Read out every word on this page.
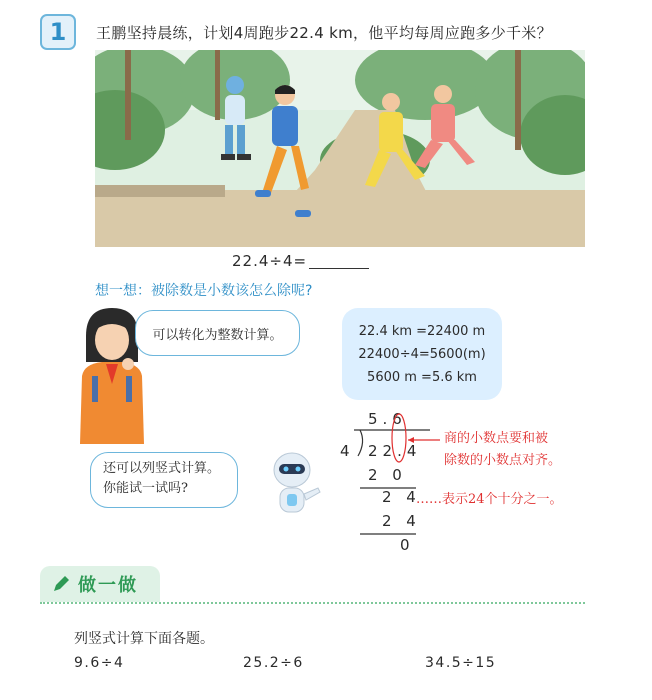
1 王鹏坚持晨练，计划4周跑步22.4 km，他平均每周应跑多少千米？
22.4÷4=
想一想：被除数是小数该怎么除呢?
可以转化为整数计算。	22.4 km =22400 m
22400÷4=5600(m)
5600 m =5.6 km
5.6
4 22.4
2 0
2 4
2 4
0
商的小数点要和被
除数的小数点对齐。
……表示24个十分之一。
还可以列竖式计算。
你能试一试吗?
做一做
列竖式计算下面各题。
9.6÷4	25.2÷6	34.5÷15
